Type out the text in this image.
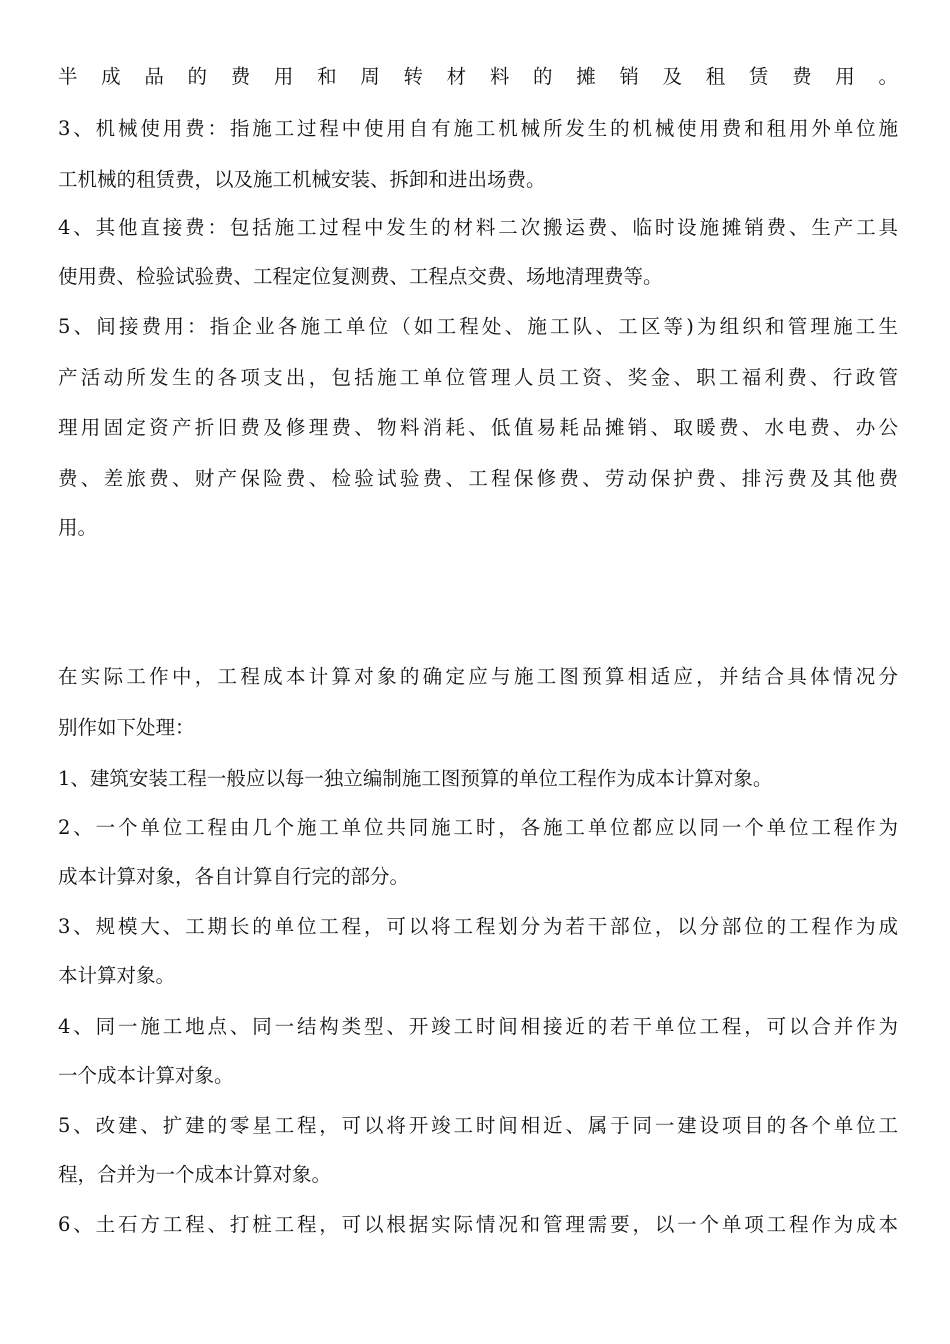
半成品的费用和周转材料的摊销及租赁费用。

3、机械使用费：指施工过程中使用自有施工机械所发生的机械使用费和租用外单位施

工机械的租赁费，以及施工机械安装、拆卸和进出场费。

4、其他直接费：包括施工过程中发生的材料二次搬运费、临时设施摊销费、生产工具

使用费、检验试验费、工程定位复测费、工程点交费、场地清理费等。

5、间接费用：指企业各施工单位（如工程处、施工队、工区等)为组织和管理施工生

产活动所发生的各项支出，包括施工单位管理人员工资、奖金、职工福利费、行政管

理用固定资产折旧费及修理费、物料消耗、低值易耗品摊销、取暖费、水电费、办公

费、差旅费、财产保险费、检验试验费、工程保修费、劳动保护费、排污费及其他费

用。

在实际工作中，工程成本计算对象的确定应与施工图预算相适应，并结合具体情况分

别作如下处理：

1、建筑安装工程一般应以每一独立编制施工图预算的单位工程作为成本计算对象。

2、一个单位工程由几个施工单位共同施工时，各施工单位都应以同一个单位工程作为

成本计算对象，各自计算自行完的部分。

3、规模大、工期长的单位工程，可以将工程划分为若干部位，以分部位的工程作为成

本计算对象。

4、同一施工地点、同一结构类型、开竣工时间相接近的若干单位工程，可以合并作为

一个成本计算对象。

5、改建、扩建的零星工程，可以将开竣工时间相近、属于同一建设项目的各个单位工

程，合并为一个成本计算对象。

6、土石方工程、打桩工程，可以根据实际情况和管理需要，以一个单项工程作为成本
